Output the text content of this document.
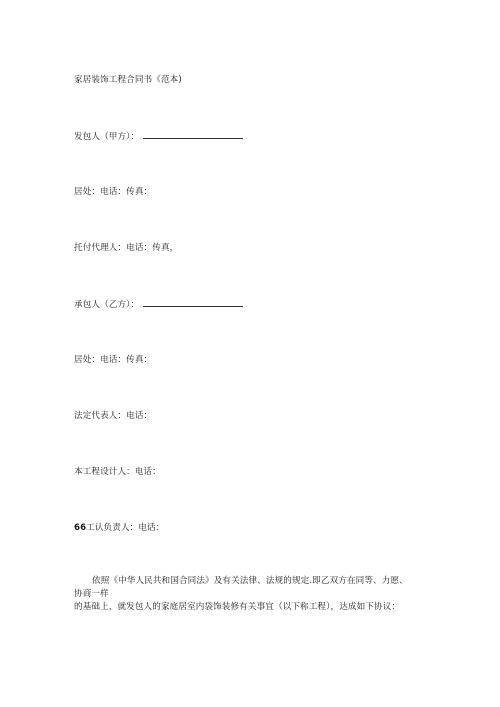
家居装饰工程合同书《范本)
发包人（甲方）：
居处：电话：传真：
托付代理人：电话：传真，
承包人（乙方）：
居处：电话：传真：
法定代表人：电话：
本工程设计人：电话：
66工认负责人：电话：
依照《中华人民共和国合同法》及有关法律、法规的规定.即乙双方在同等、力愿、协商一样
的基础上，就发包人的家庭居室内袋饰装修有关事宜（以下称工程），达成如下协议：
